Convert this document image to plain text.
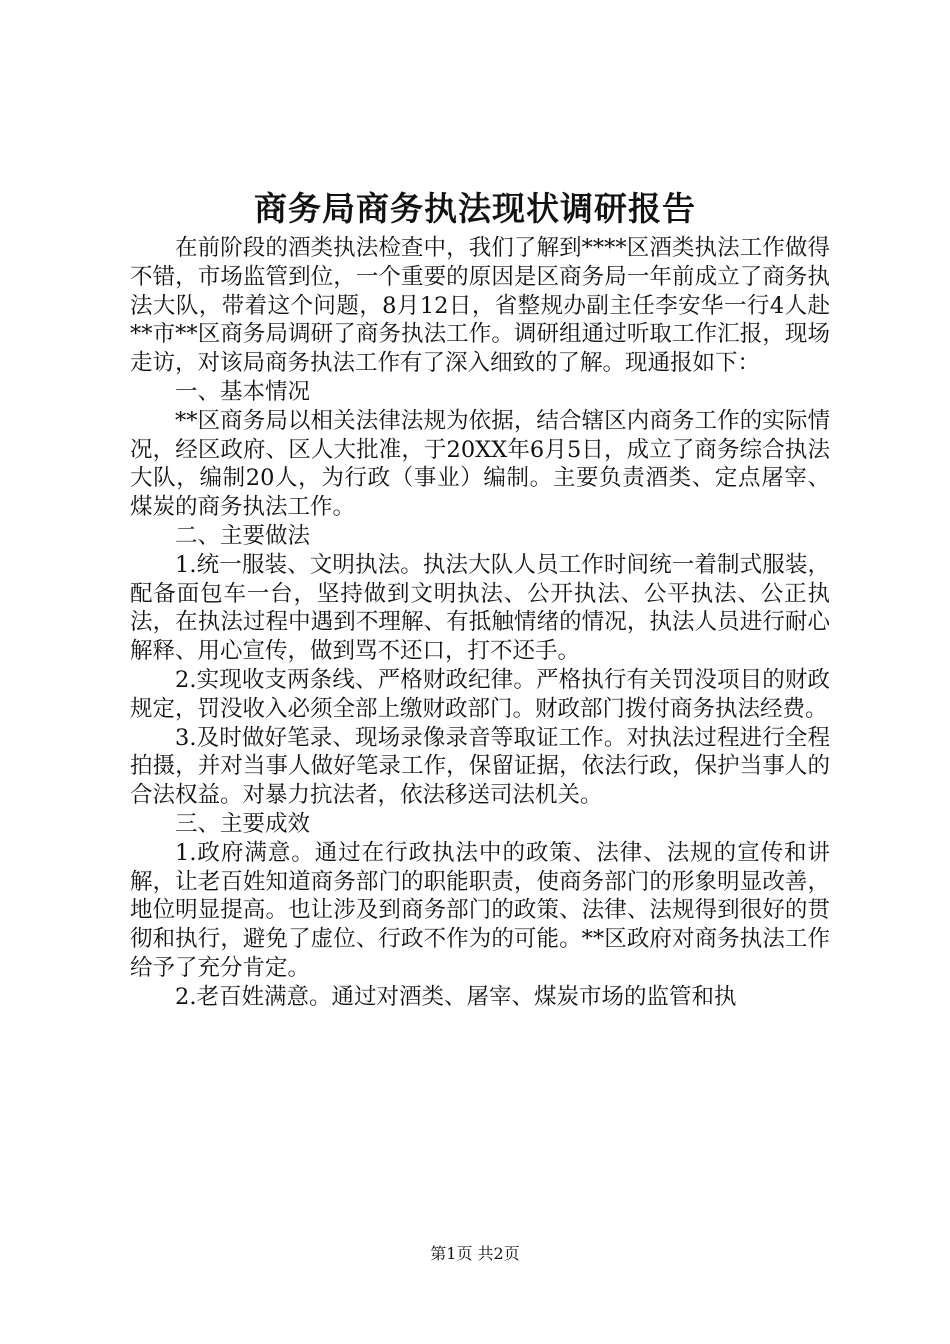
商务局商务执法现状调研报告

在前阶段的酒类执法检查中，我们了解到****区酒类执法工作做得不错，市场监管到位，一个重要的原因是区商务局一年前成立了商务执法大队，带着这个问题，8月12日，省整规办副主任李安华一行4人赴**市**区商务局调研了商务执法工作。调研组通过听取工作汇报，现场走访，对该局商务执法工作有了深入细致的了解。现通报如下：

一、基本情况

**区商务局以相关法律法规为依据，结合辖区内商务工作的实际情况，经区政府、区人大批准，于20XX年6月5日，成立了商务综合执法大队，编制20人，为行政（事业）编制。主要负责酒类、定点屠宰、煤炭的商务执法工作。

二、主要做法

1.统一服装、文明执法。执法大队人员工作时间统一着制式服装，配备面包车一台，坚持做到文明执法、公开执法、公平执法、公正执法，在执法过程中遇到不理解、有抵触情绪的情况，执法人员进行耐心解释、用心宣传，做到骂不还口，打不还手。

2.实现收支两条线、严格财政纪律。严格执行有关罚没项目的财政规定，罚没收入必须全部上缴财政部门。财政部门拨付商务执法经费。

3.及时做好笔录、现场录像录音等取证工作。对执法过程进行全程拍摄，并对当事人做好笔录工作，保留证据，依法行政，保护当事人的合法权益。对暴力抗法者，依法移送司法机关。

三、主要成效

1.政府满意。通过在行政执法中的政策、法律、法规的宣传和讲解，让老百姓知道商务部门的职能职责，使商务部门的形象明显改善，地位明显提高。也让涉及到商务部门的政策、法律、法规得到很好的贯彻和执行，避免了虚位、行政不作为的可能。**区政府对商务执法工作给予了充分肯定。

2.老百姓满意。通过对酒类、屠宰、煤炭市场的监管和执

第1页 共2页
